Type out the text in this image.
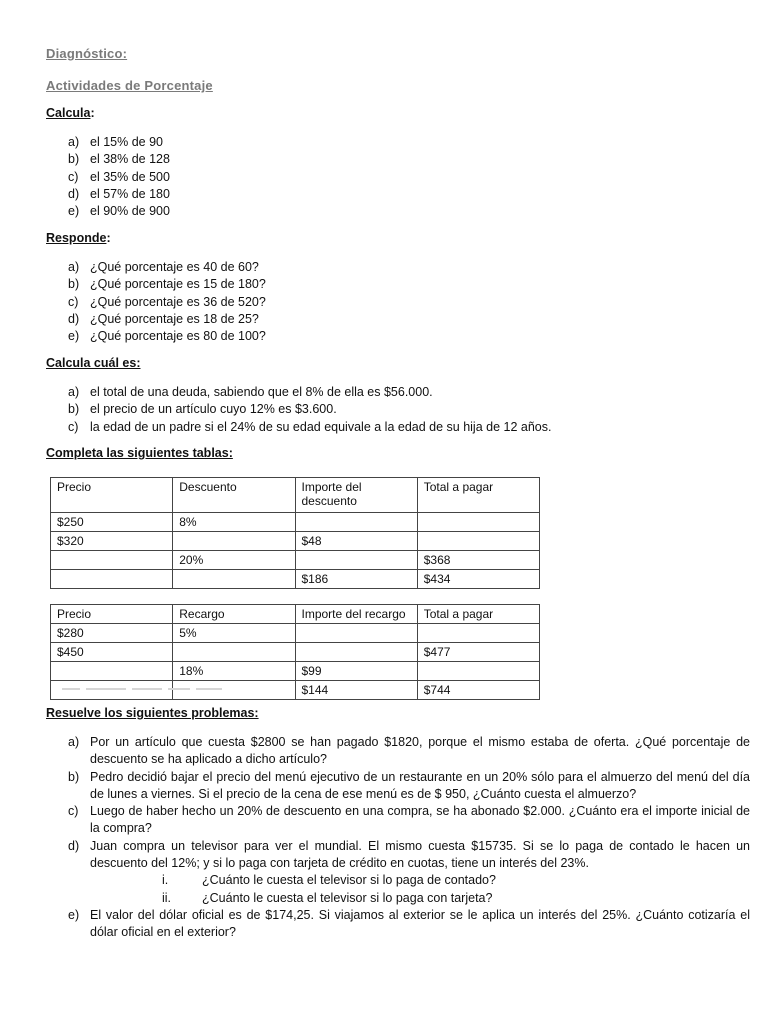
Diagnóstico:
Actividades de Porcentaje
Calcula:
a) el 15% de 90
b) el 38% de 128
c) el 35% de 500
d) el 57% de 180
e) el 90% de 900
Responde:
a) ¿Qué porcentaje es 40 de 60?
b) ¿Qué porcentaje es 15 de 180?
c) ¿Qué porcentaje es 36 de 520?
d) ¿Qué porcentaje es 18 de 25?
e) ¿Qué porcentaje es 80 de 100?
Calcula cuál es:
a) el total de una deuda, sabiendo que el 8% de ella es $56.000.
b) el precio de un artículo cuyo 12% es $3.600.
c) la edad de un padre si el 24% de su edad equivale a la edad de su hija de 12 años.
Completa las siguientes tablas:
Precio	Descuento	Importe del descuento	Total a pagar
$250	8%		
$320		$48	
	20%		$368
		$186	$434
Precio	Recargo	Importe del recargo	Total a pagar
$280	5%		
$450			$477
	18%	$99	
		$144	$744
Resuelve los siguientes problemas:
a) Por un artículo que cuesta $2800 se han pagado $1820, porque el mismo estaba de oferta. ¿Qué porcentaje de descuento se ha aplicado a dicho artículo?
b) Pedro decidió bajar el precio del menú ejecutivo de un restaurante en un 20% sólo para el almuerzo del menú del día de lunes a viernes. Si el precio de la cena de ese menú es de $ 950, ¿Cuánto cuesta el almuerzo?
c) Luego de haber hecho un 20% de descuento en una compra, se ha abonado $2.000. ¿Cuánto era el importe inicial de la compra?
d) Juan compra un televisor para ver el mundial. El mismo cuesta $15735. Si se lo paga de contado le hacen un descuento del 12%; y si lo paga con tarjeta de crédito en cuotas, tiene un interés del 23%.
i.	¿Cuánto le cuesta el televisor si lo paga de contado?
ii.	¿Cuánto le cuesta el televisor si lo paga con tarjeta?
e) El valor del dólar oficial es de $174,25. Si viajamos al exterior se le aplica un interés del 25%. ¿Cuánto cotizaría el dólar oficial en el exterior?
